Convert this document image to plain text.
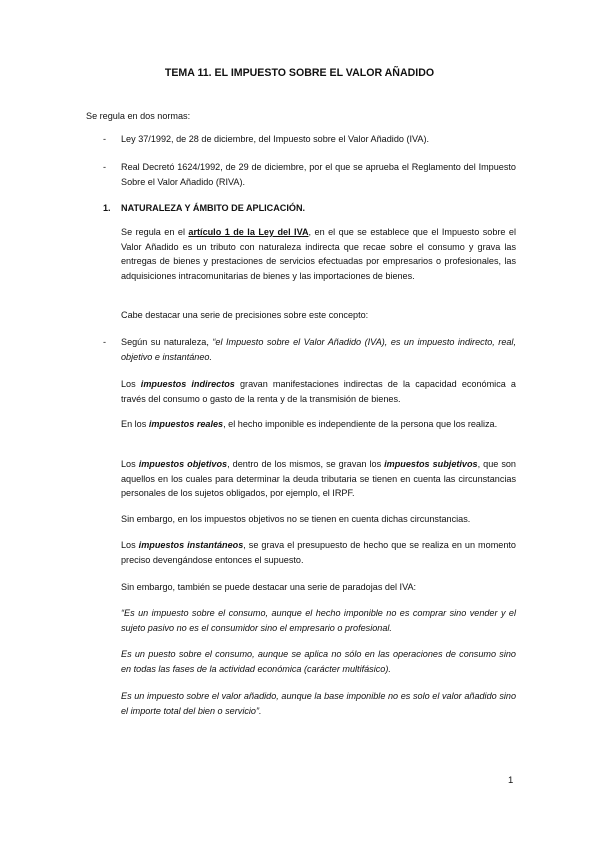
TEMA 11. EL IMPUESTO SOBRE EL VALOR AÑADIDO

Se regula en dos normas:

- Ley 37/1992, de 28 de diciembre, del Impuesto sobre el Valor Añadido (IVA).

- Real Decretó 1624/1992, de 29 de diciembre, por el que se aprueba el Reglamento del Impuesto Sobre el Valor Añadido (RIVA).

1. NATURALEZA Y ÁMBITO DE APLICACIÓN.

Se regula en el artículo 1 de la Ley del IVA, en el que se establece que el Impuesto sobre el Valor Añadido es un tributo con naturaleza indirecta que recae sobre el consumo y grava las entregas de bienes y prestaciones de servicios efectuadas por empresarios o profesionales, las adquisiciones intracomunitarias de bienes y las importaciones de bienes.

Cabe destacar una serie de precisiones sobre este concepto:

- Según su naturaleza, “el Impuesto sobre el Valor Añadido (IVA), es un impuesto indirecto, real, objetivo e instantáneo.

Los impuestos indirectos gravan manifestaciones indirectas de la capacidad económica a través del consumo o gasto de la renta y de la transmisión de bienes.

En los impuestos reales, el hecho imponible es independiente de la persona que los realiza.

Los impuestos objetivos, dentro de los mismos, se gravan los impuestos subjetivos, que son aquellos en los cuales para determinar la deuda tributaria se tienen en cuenta las circunstancias personales de los sujetos obligados, por ejemplo, el IRPF.

Sin embargo, en los impuestos objetivos no se tienen en cuenta dichas circunstancias.

Los impuestos instantáneos, se grava el presupuesto de hecho que se realiza en un momento preciso devengándose entonces el supuesto.

Sin embargo, también se puede destacar una serie de paradojas del IVA:

“Es un impuesto sobre el consumo, aunque el hecho imponible no es comprar sino vender y el sujeto pasivo no es el consumidor sino el empresario o profesional.

Es un puesto sobre el consumo, aunque se aplica no sólo en las operaciones de consumo sino en todas las fases de la actividad económica (carácter multifásico).

Es un impuesto sobre el valor añadido, aunque la base imponible no es solo el valor añadido sino el importe total del bien o servicio”.

1
